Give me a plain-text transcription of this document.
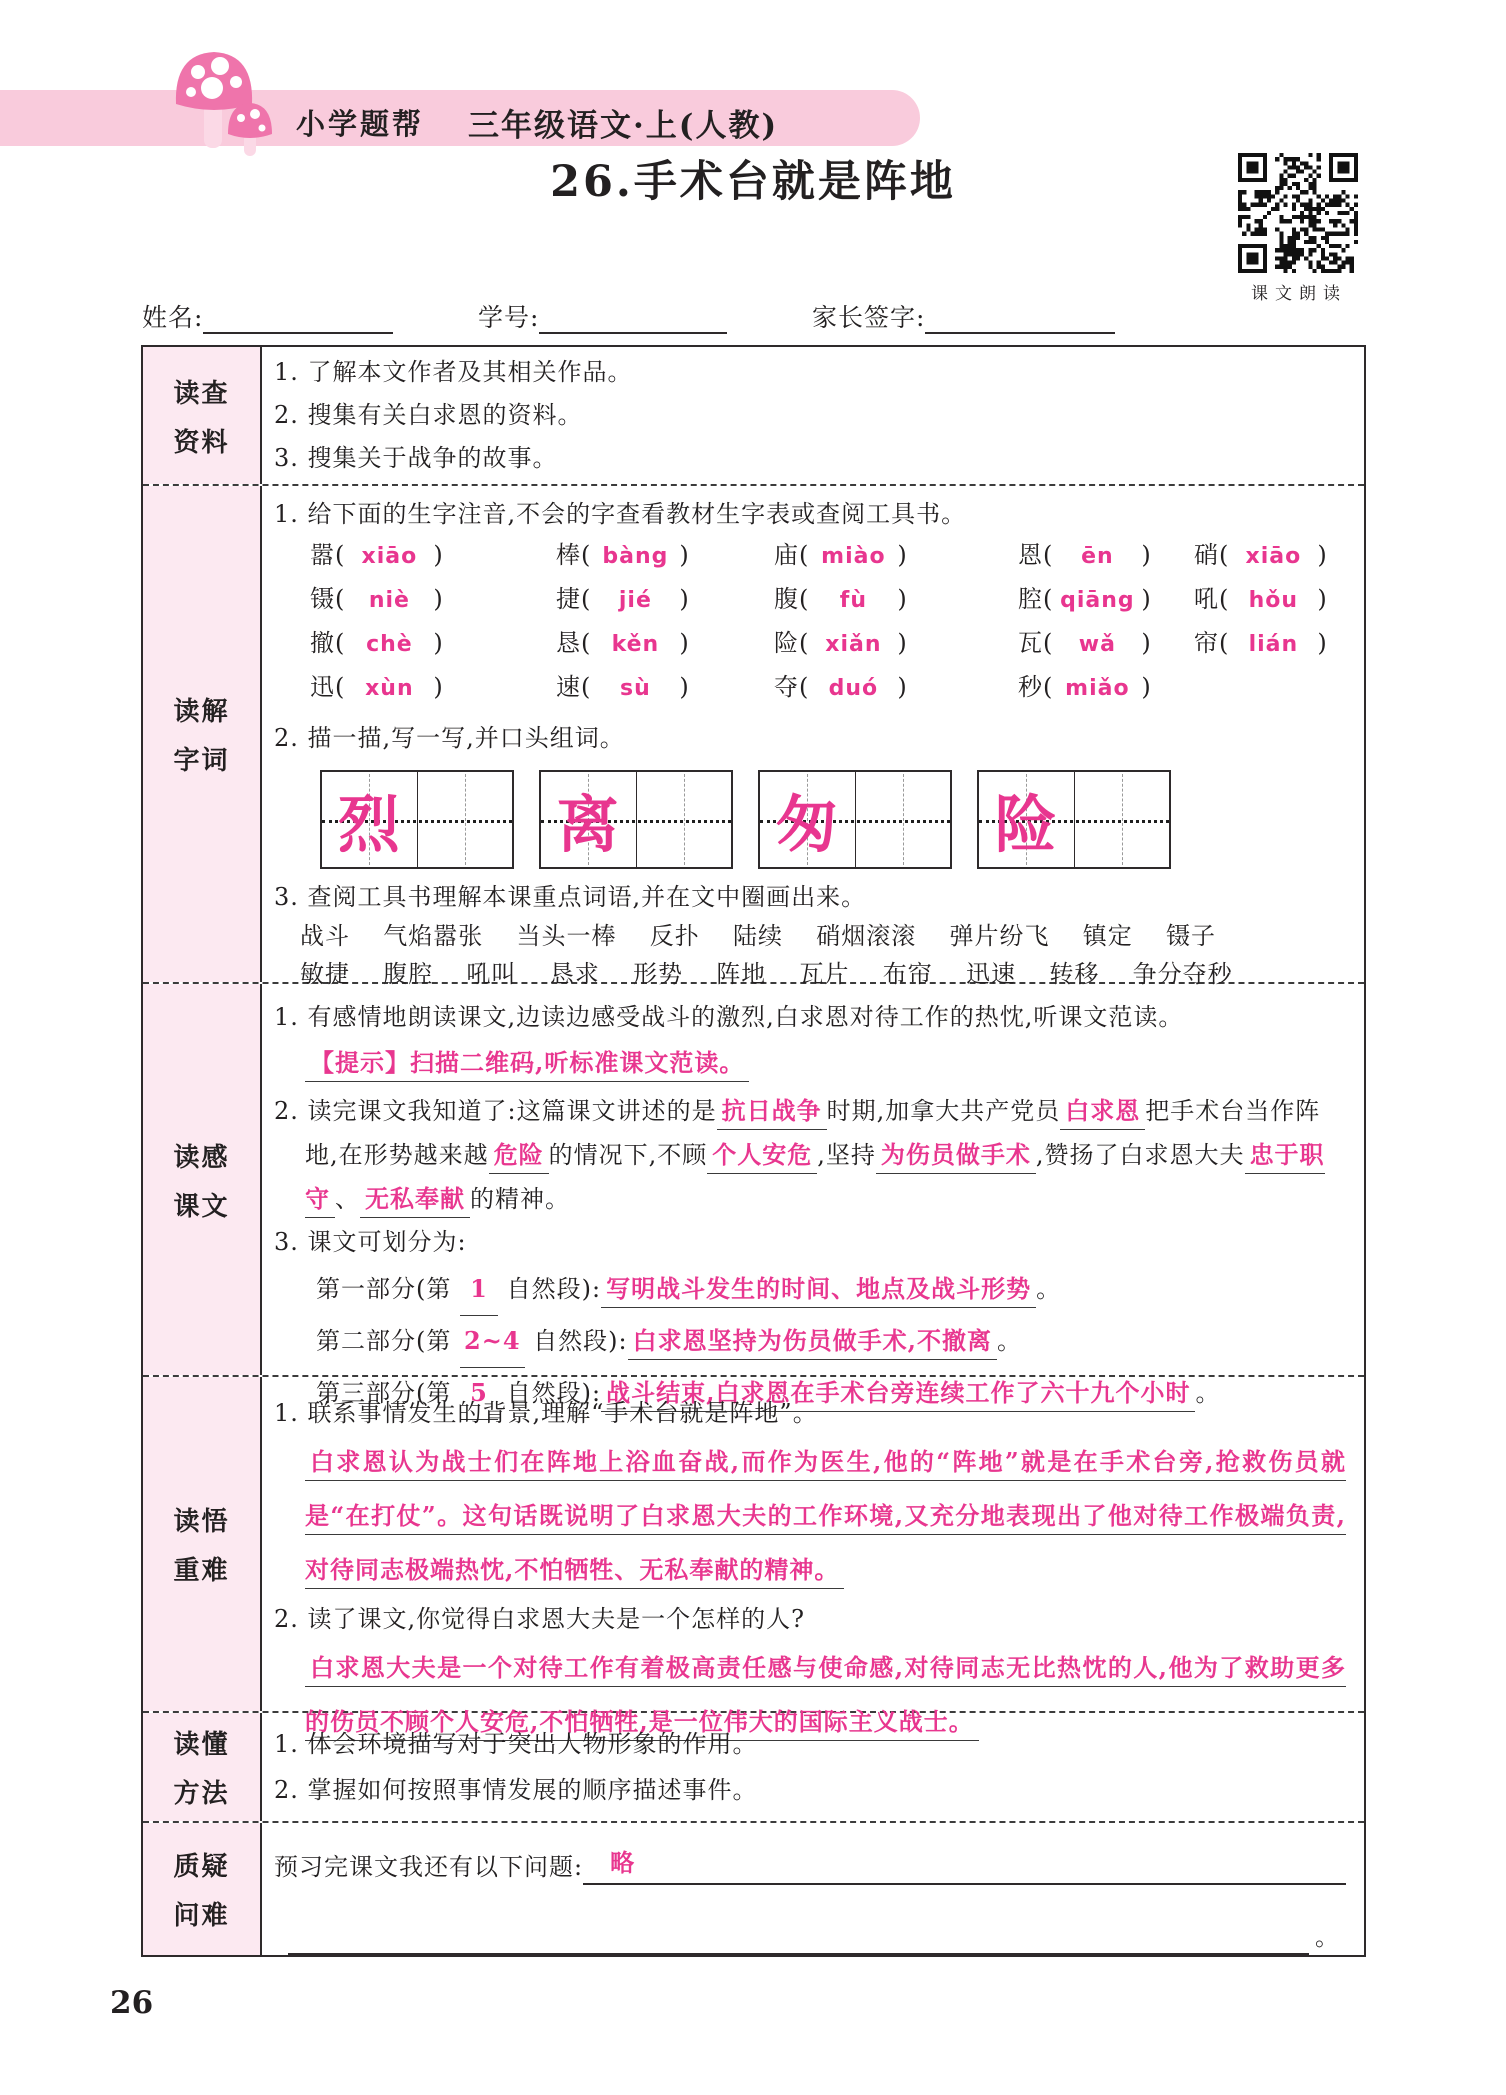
小学题帮 三年级语文·上(人教)
26.手术台就是阵地
课文朗读
姓名:	学号:	家长签字:
读查
资料
1. 了解本文作者及其相关作品。
2. 搜集有关白求恩的资料。
3. 搜集关于战争的故事。
读解
字词
1. 给下面的生字注音,不会的字查看教材生字表或查阅工具书。
嚣 ( xiāo )	棒 ( bàng )	庙 ( miào )	恩 ( ēn )	硝 ( xiāo)
镊 ( niè )	捷 ( jié )	腹 ( fù )	腔 ( qiāng )	吼 ( hǒu)
撤 ( chè )	恳 ( kěn )	险 ( xiǎn )	瓦 ( wǎ )	帘 ( lián)
迅 ( xùn )	速 ( sù )	夺 ( duó )	秒 ( miǎo)
2. 描一描,写一写,并口头组词。
烈	离	匆	险
3. 查阅工具书理解本课重点词语,并在文中圈画出来。
战斗  气焰嚣张  当头一棒  反扑  陆续  硝烟滚滚  弹片纷飞  镇定  镊子
敏捷  腹腔  吼叫  恳求  形势  阵地  瓦片  布帘  迅速  转移  争分夺秒
读感
课文
1. 有感情地朗读课文,边读边感受战斗的激烈,白求恩对待工作的热忱,听课文范读。
【提示】扫描二维码,听标准课文范读。
2. 读完课文我知道了:这篇课文讲述的是 抗日战争 时期,加拿大共产党员 白求恩 把手术台当作阵地,在形势越来越 危险 的情况下,不顾 个人安危 ,坚持 为伤员做手术 ,赞扬了白求恩大夫 忠于职守 、 无私奉献 的精神。
3. 课文可划分为:
第一部分(第 1 自然段): 写明战斗发生的时间、地点及战斗形势 。
第二部分(第 2~4 自然段): 白求恩坚持为伤员做手术,不撤离 。
第三部分(第 5 自然段): 战斗结束,白求恩在手术台旁连续工作了六十九个小时 。
读悟
重难
1. 联系事情发生的背景,理解“手术台就是阵地”。
白求恩认为战士们在阵地上浴血奋战,而作为医生,他的“阵地”就是在手术台旁,抢救伤员就是“在打仗”。这句话既说明了白求恩大夫的工作环境,又充分地表现出了他对待工作极端负责,对待同志极端热忱,不怕牺牲、无私奉献的精神。
2. 读了课文,你觉得白求恩大夫是一个怎样的人?
白求恩大夫是一个对待工作有着极高责任感与使命感,对待同志无比热忱的人,他为了救助更多的伤员不顾个人安危,不怕牺牲,是一位伟大的国际主义战士。
读懂
方法
1. 体会环境描写对于突出人物形象的作用。
2. 掌握如何按照事情发展的顺序描述事件。
质疑
问难
预习完课文我还有以下问题:	略
。
26
